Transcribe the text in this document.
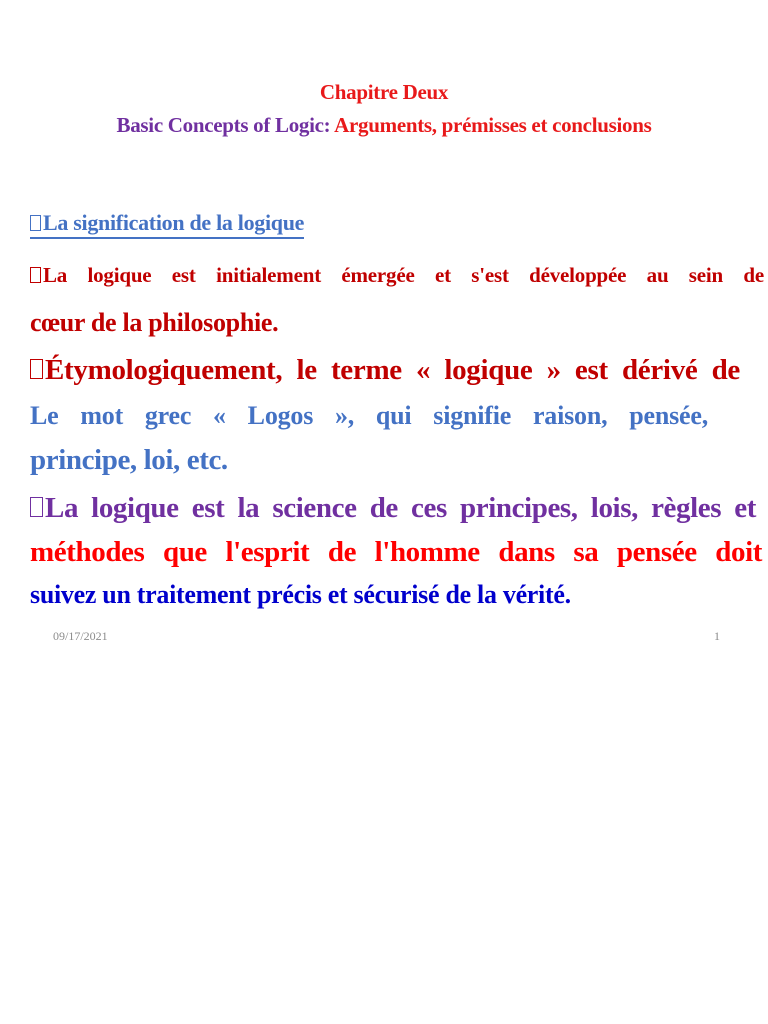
Chapitre Deux
Basic Concepts of Logic: Arguments, prémisses et conclusions
La signification de la logique
La logique est initialement émergée et s'est développée au sein de
cœur de la philosophie.
Étymologiquement, le terme « logique » est dérivé de
Le mot grec « Logos », qui signifie raison, pensée,
principe, loi, etc.
La logique est la science de ces principes, lois, règles et
méthodes que l'esprit de l'homme dans sa pensée doit
suivez un traitement précis et sécurisé de la vérité.
09/17/2021	1
